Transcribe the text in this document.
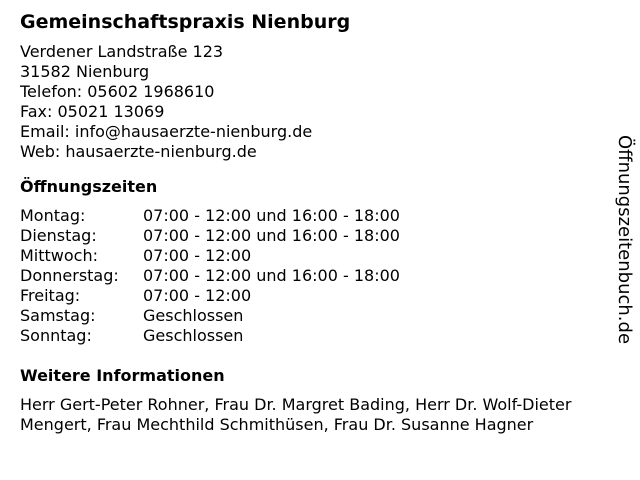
Gemeinschaftspraxis Nienburg
Verdener Landstraße 123
31582 Nienburg
Telefon: 05602 1968610
Fax: 05021 13069
Email: info@hausaerzte-nienburg.de
Web: hausaerzte-nienburg.de
Öffnungszeiten
Montag:	07:00 - 12:00 und 16:00 - 18:00
Dienstag:	07:00 - 12:00 und 16:00 - 18:00
Mittwoch:	07:00 - 12:00
Donnerstag:	07:00 - 12:00 und 16:00 - 18:00
Freitag:	07:00 - 12:00
Samstag:	Geschlossen
Sonntag:	Geschlossen
Weitere Informationen

Herr Gert-Peter Rohner, Frau Dr. Margret Bading, Herr Dr. Wolf-Dieter Mengert, Frau Mechthild Schmithüsen, Frau Dr. Susanne Hagner

Öffnungszeitenbuch.de
